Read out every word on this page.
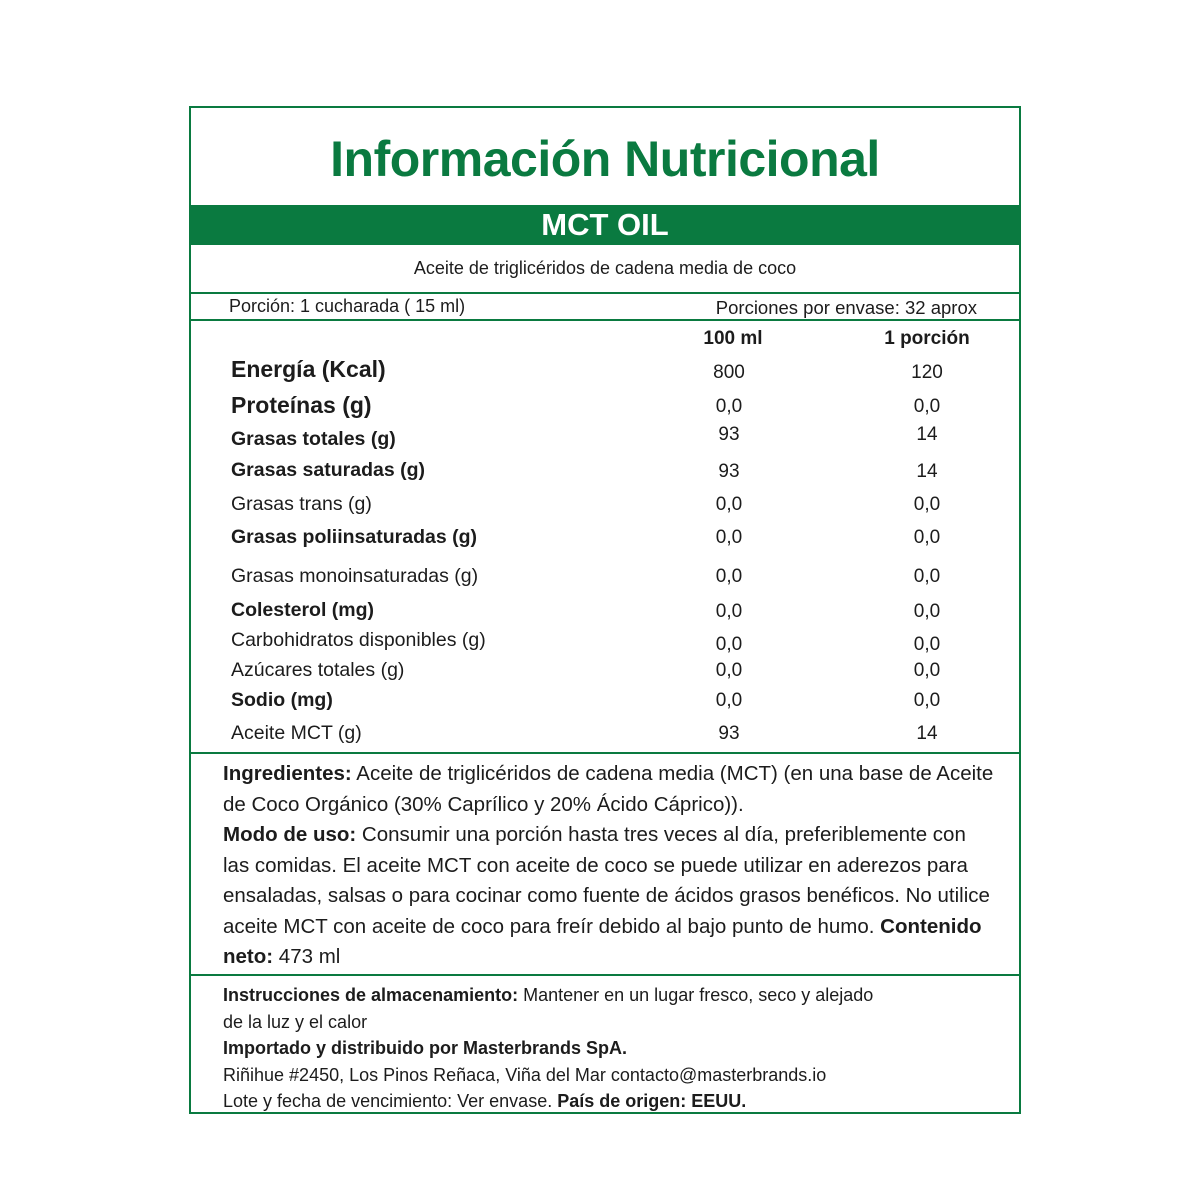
Información Nutricional
MCT OIL
Aceite de triglicéridos de cadena media de coco
Porción: 1 cucharada ( 15 ml)	Porciones por envase: 32 aprox
100 ml	1 porción
Energía (Kcal)	800	120
Proteínas (g)	0,0	0,0
Grasas totales (g)	93	14
Grasas saturadas (g)	93	14
Grasas trans (g)	0,0	0,0
Grasas poliinsaturadas (g)	0,0	0,0
Grasas monoinsaturadas (g)	0,0	0,0
Colesterol (mg)	0,0	0,0
Carbohidratos disponibles (g)	0,0	0,0
Azúcares totales (g)	0,0	0,0
Sodio (mg)	0,0	0,0
Aceite MCT (g)	93	14
Ingredientes: Aceite de triglicéridos de cadena media (MCT) (en una base de Aceite de Coco Orgánico (30% Caprílico y 20% Ácido Cáprico)).
Modo de uso: Consumir una porción hasta tres veces al día, preferiblemente con las comidas. El aceite MCT con aceite de coco se puede utilizar en aderezos para ensaladas, salsas o para cocinar como fuente de ácidos grasos benéficos. No utilice aceite MCT con aceite de coco para freír debido al bajo punto de humo. Contenido neto: 473 ml
Instrucciones de almacenamiento: Mantener en un lugar fresco, seco y alejado
de la luz y el calor
Importado y distribuido por Masterbrands SpA.
Riñihue #2450, Los Pinos Reñaca, Viña del Mar contacto@masterbrands.io
Lote y fecha de vencimiento: Ver envase. País de origen: EEUU.
